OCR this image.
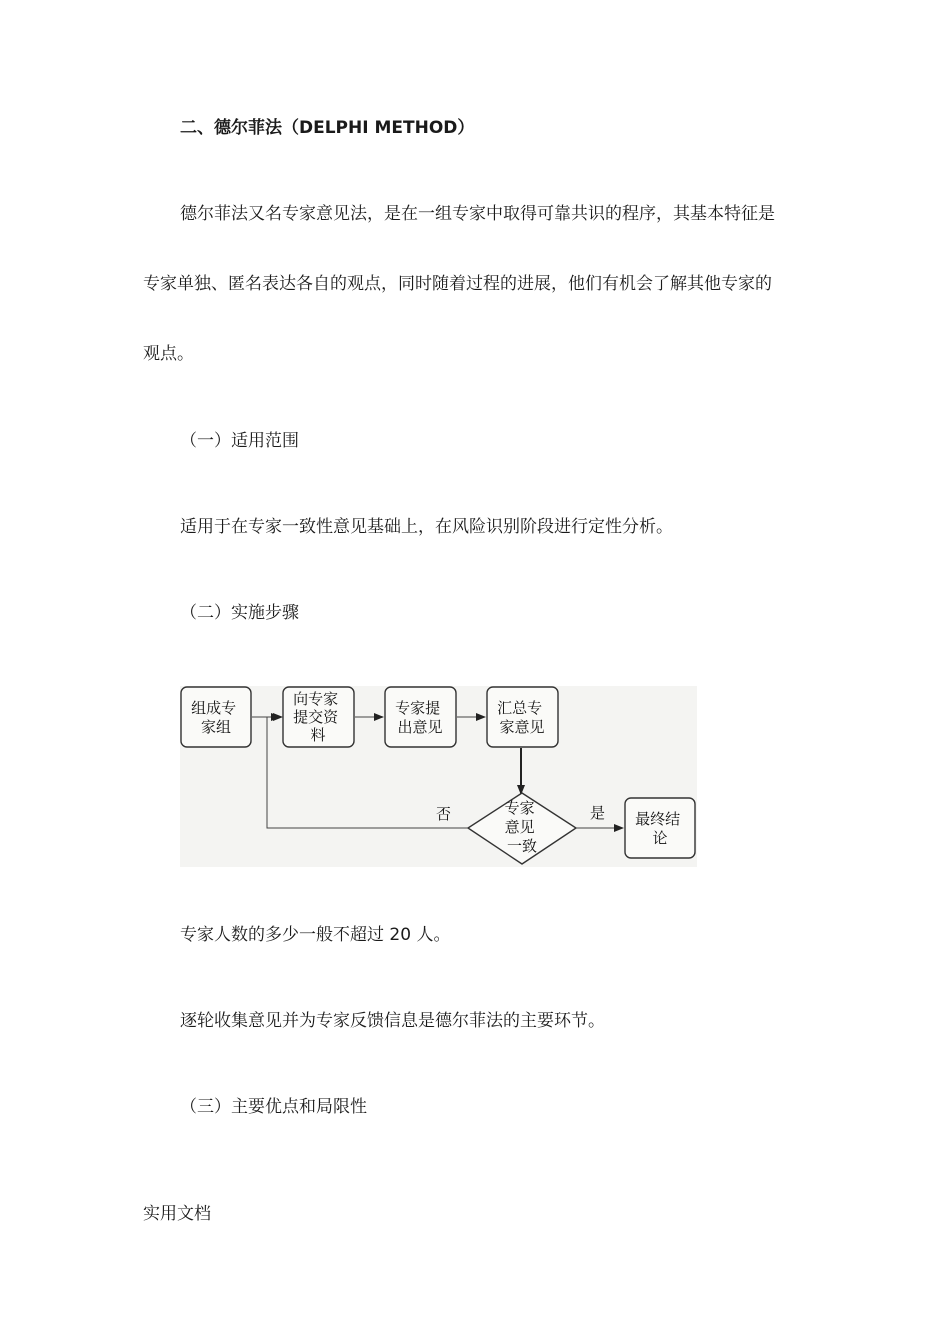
二、德尔菲法（DELPHI METHOD）
德尔菲法又名专家意见法，是在一组专家中取得可靠共识的程序，其基本特征是
专家单独、匿名表达各自的观点，同时随着过程的进展，他们有机会了解其他专家的
观点。
（一）适用范围
适用于在专家一致性意见基础上，在风险识别阶段进行定性分析。
（二）实施步骤
组成专 家组
向专家 提交资 料
专家提 出意见
汇总专 家意见
专家 意见 一致
最终结 论
否	是
专家人数的多少一般不超过 20 人。
逐轮收集意见并为专家反馈信息是德尔菲法的主要环节。
（三）主要优点和局限性
实用文档
